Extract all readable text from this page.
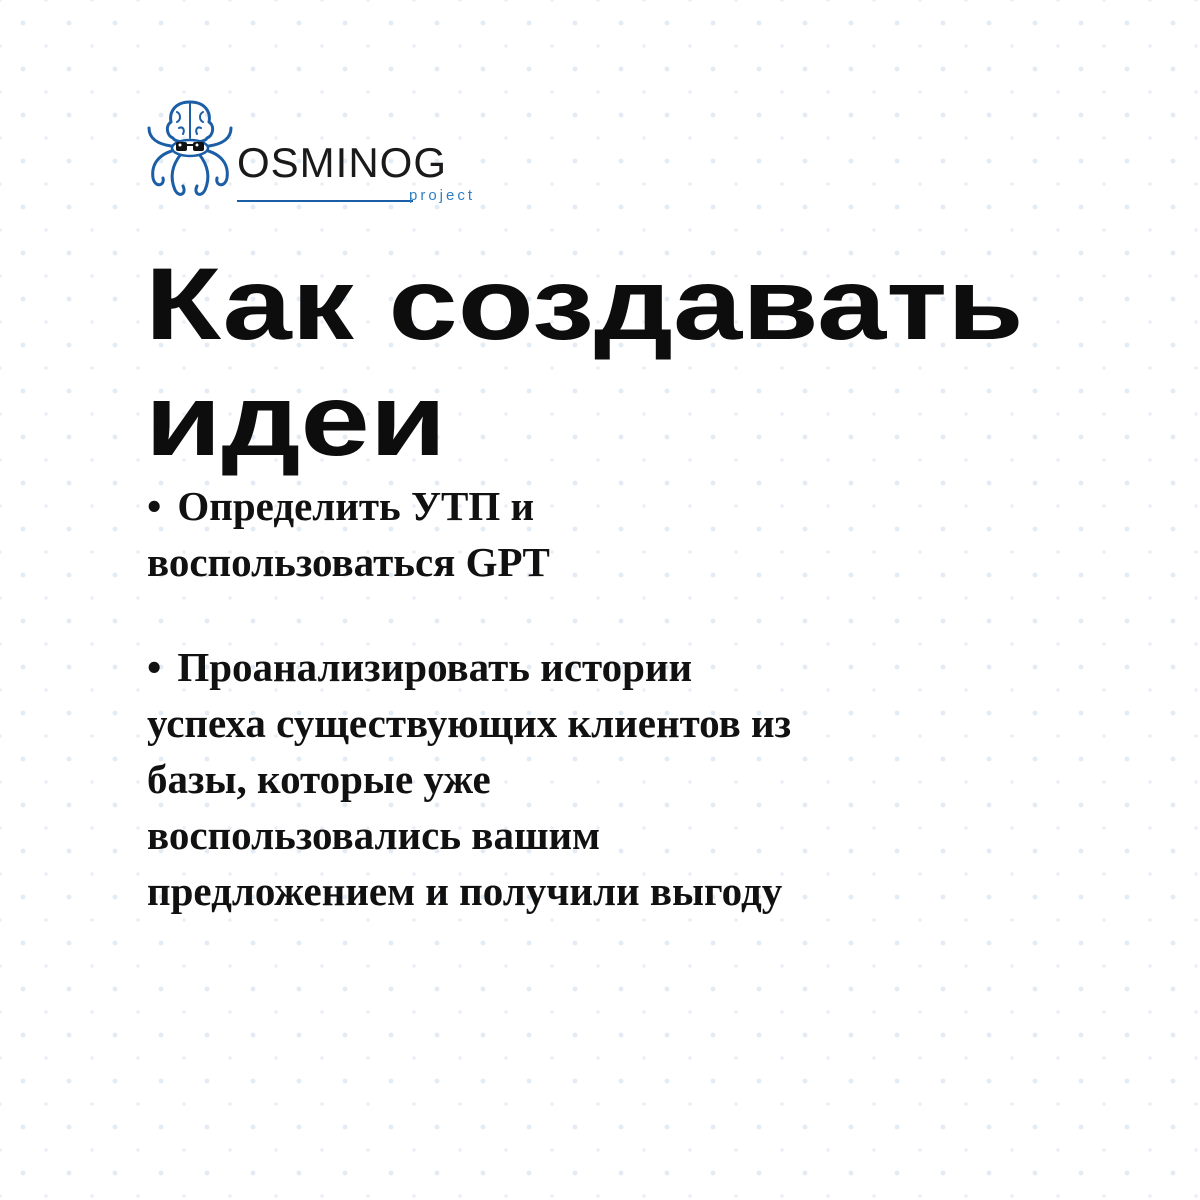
OSMINOG
project
Как создавать
идеи
• Определить УТП и
воспользоваться GPT
• Проанализировать истории
успеха существующих клиентов из
базы, которые уже
воспользовались вашим
предложением и получили выгоду
